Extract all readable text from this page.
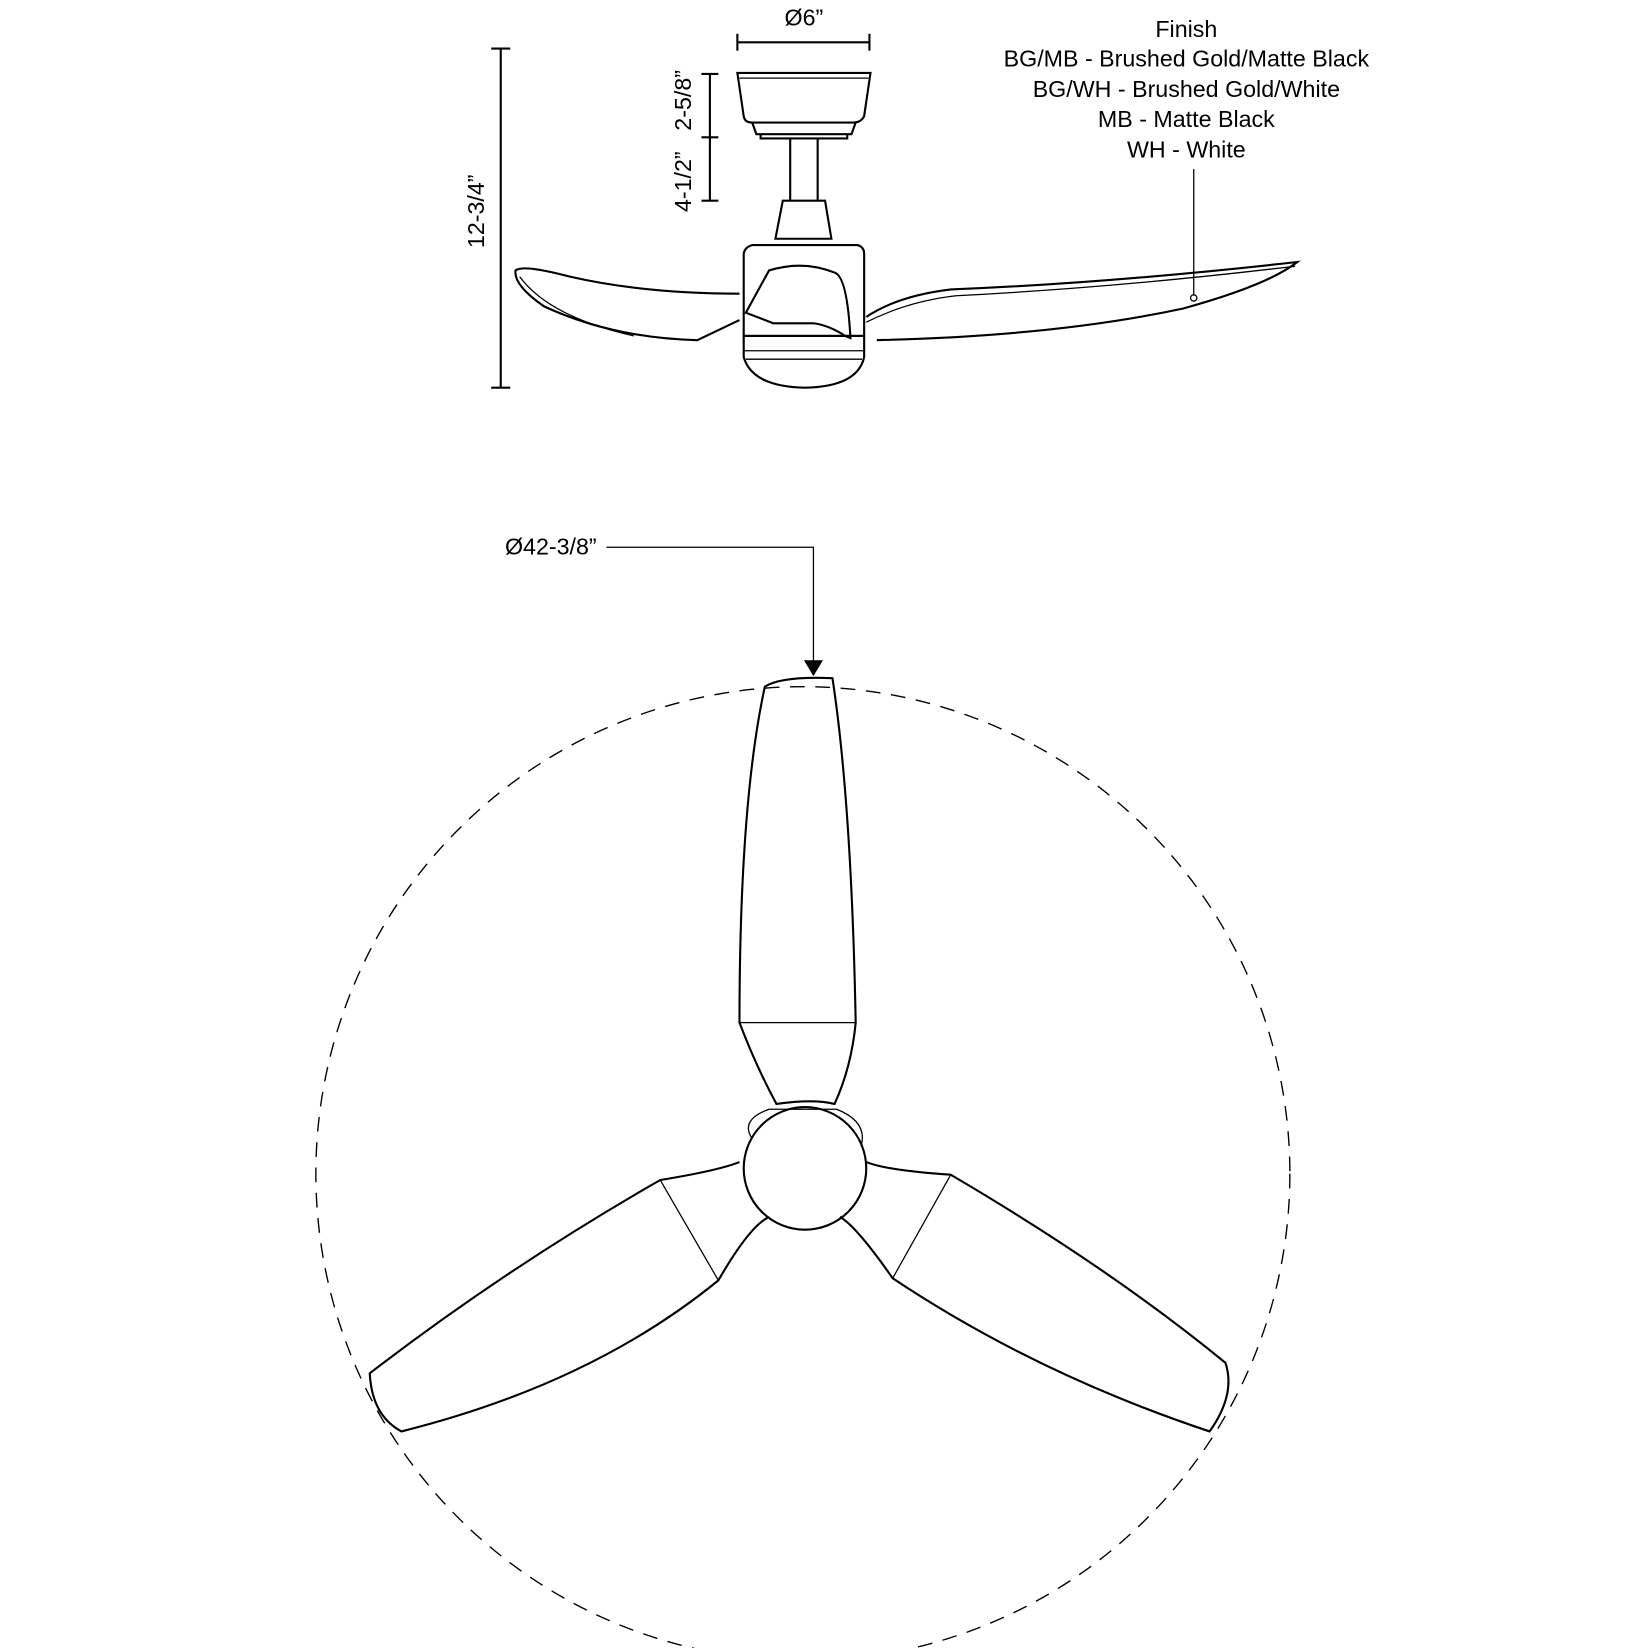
12-3/4”
2-5/8”
4-1/2”
Ø6”	Finish
BG/MB - Brushed Gold/Matte Black
BG/WH - Brushed Gold/White
MB - Matte Black
WH - White
Ø42-3/8”
